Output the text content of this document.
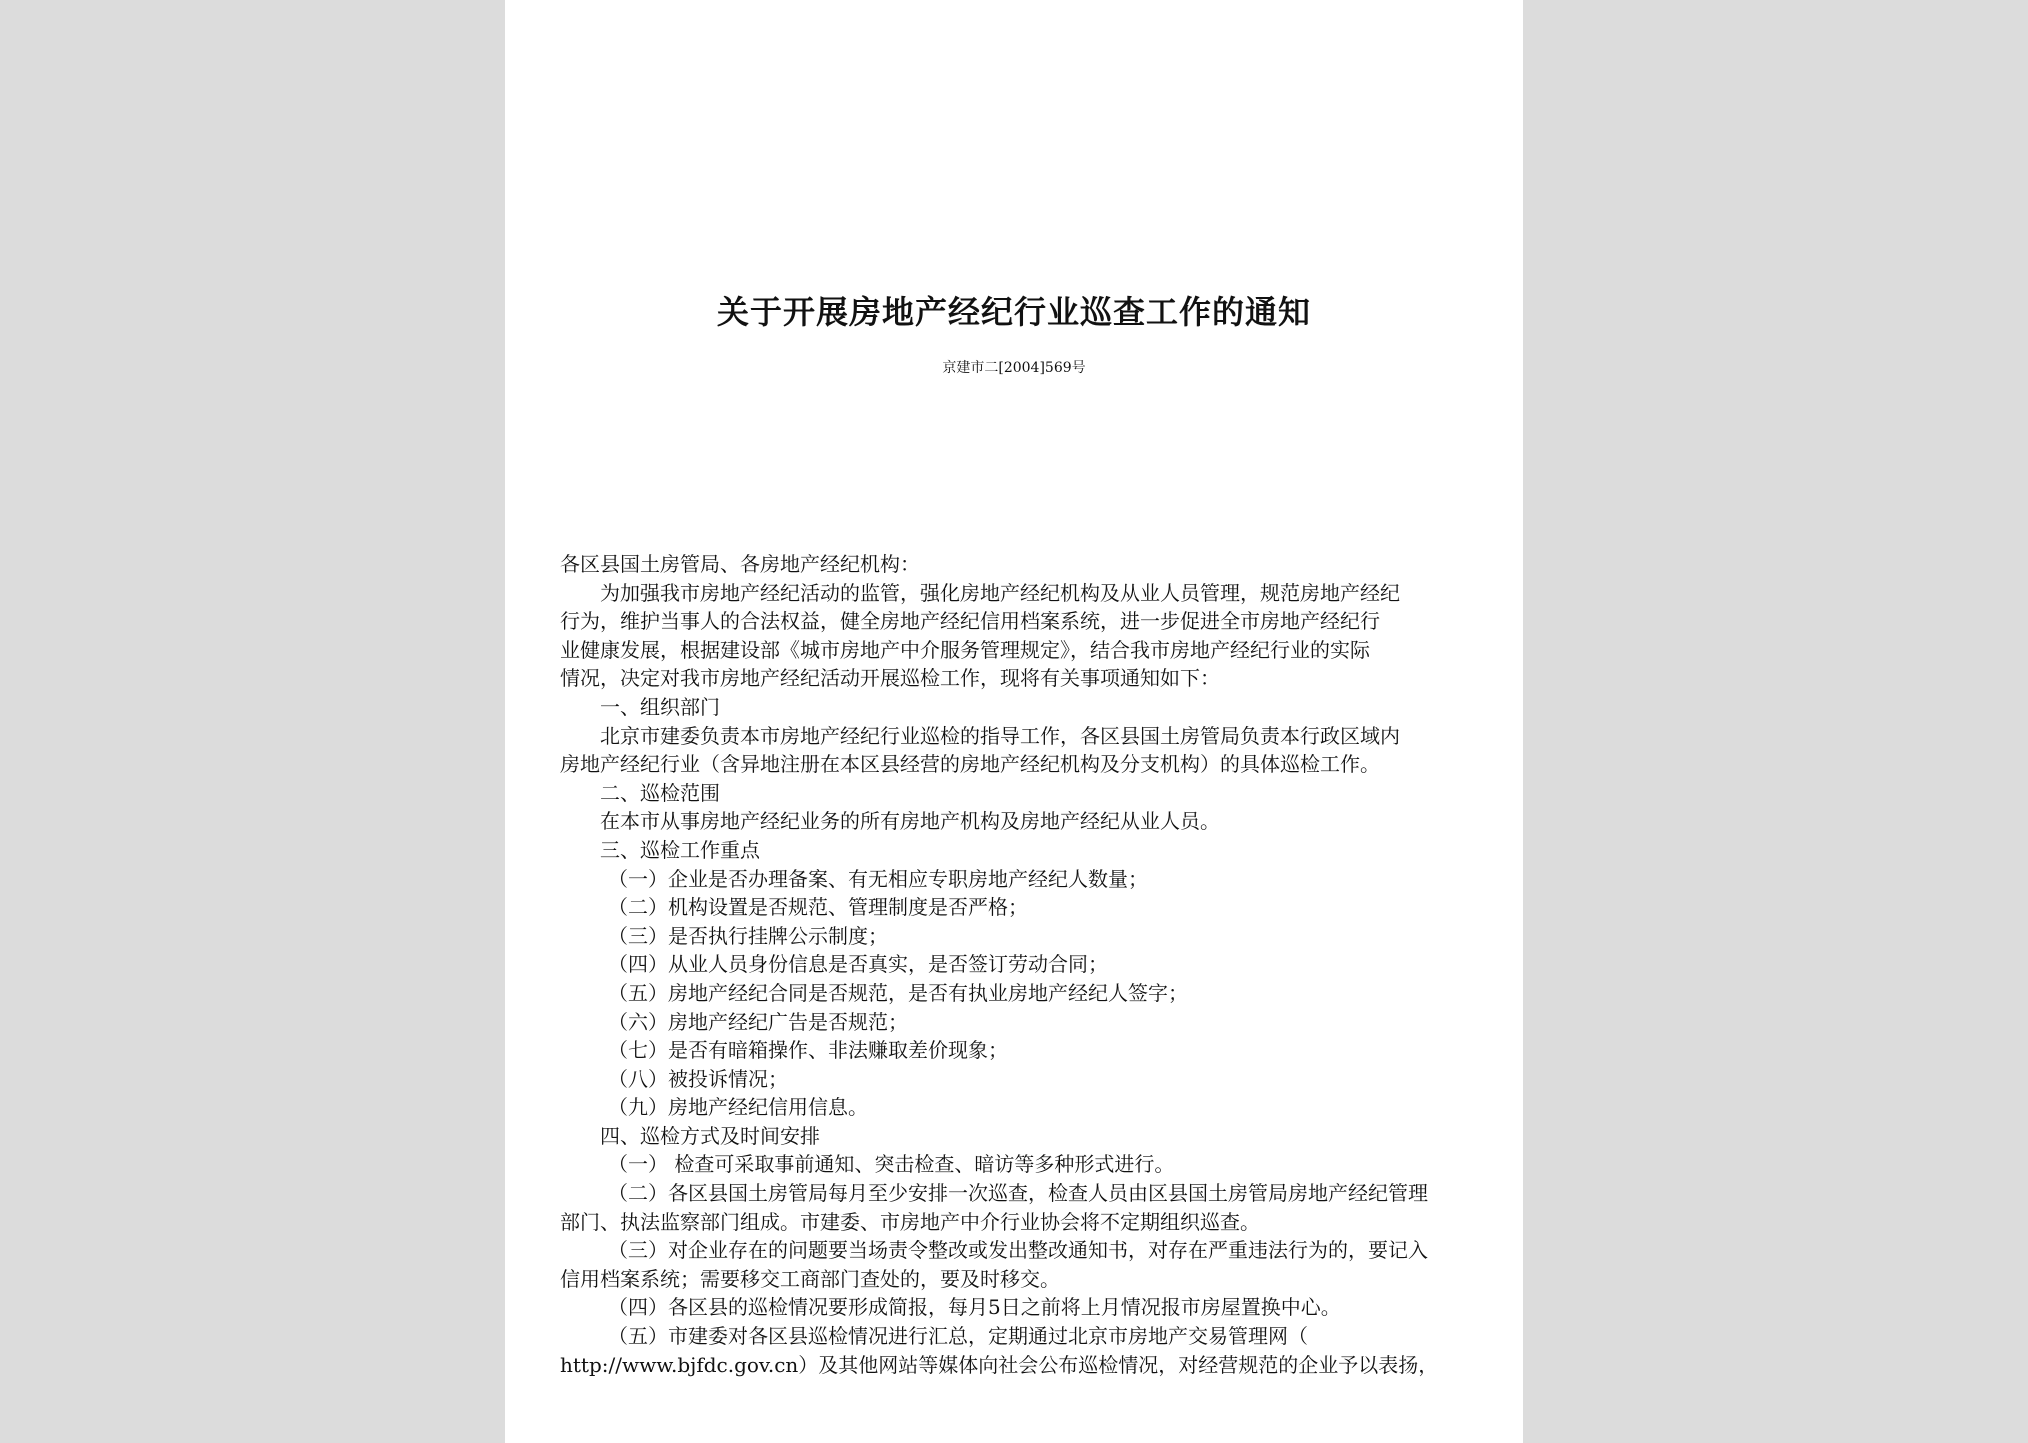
关于开展房地产经纪行业巡查工作的通知
京建市二[2004]569号
各区县国土房管局、各房地产经纪机构：
为加强我市房地产经纪活动的监管，强化房地产经纪机构及从业人员管理，规范房地产经纪
行为，维护当事人的合法权益，健全房地产经纪信用档案系统，进一步促进全市房地产经纪行
业健康发展，根据建设部《城市房地产中介服务管理规定》，结合我市房地产经纪行业的实际
情况，决定对我市房地产经纪活动开展巡检工作，现将有关事项通知如下：
一、组织部门
北京市建委负责本市房地产经纪行业巡检的指导工作，各区县国土房管局负责本行政区域内
房地产经纪行业（含异地注册在本区县经营的房地产经纪机构及分支机构）的具体巡检工作。
二、巡检范围
在本市从事房地产经纪业务的所有房地产机构及房地产经纪从业人员。
三、巡检工作重点
（一）企业是否办理备案、有无相应专职房地产经纪人数量；
（二）机构设置是否规范、管理制度是否严格；
（三）是否执行挂牌公示制度；
（四）从业人员身份信息是否真实，是否签订劳动合同；
（五）房地产经纪合同是否规范，是否有执业房地产经纪人签字；
（六）房地产经纪广告是否规范；
（七）是否有暗箱操作、非法赚取差价现象；
（八）被投诉情况；
（九）房地产经纪信用信息。
四、巡检方式及时间安排
（一） 检查可采取事前通知、突击检查、暗访等多种形式进行。
（二）各区县国土房管局每月至少安排一次巡查，检查人员由区县国土房管局房地产经纪管理
部门、执法监察部门组成。市建委、市房地产中介行业协会将不定期组织巡查。
（三）对企业存在的问题要当场责令整改或发出整改通知书，对存在严重违法行为的，要记入
信用档案系统；需要移交工商部门查处的，要及时移交。
（四）各区县的巡检情况要形成简报，每月5日之前将上月情况报市房屋置换中心。
（五）市建委对各区县巡检情况进行汇总，定期通过北京市房地产交易管理网（
http://www.bjfdc.gov.cn）及其他网站等媒体向社会公布巡检情况，对经营规范的企业予以表扬，
